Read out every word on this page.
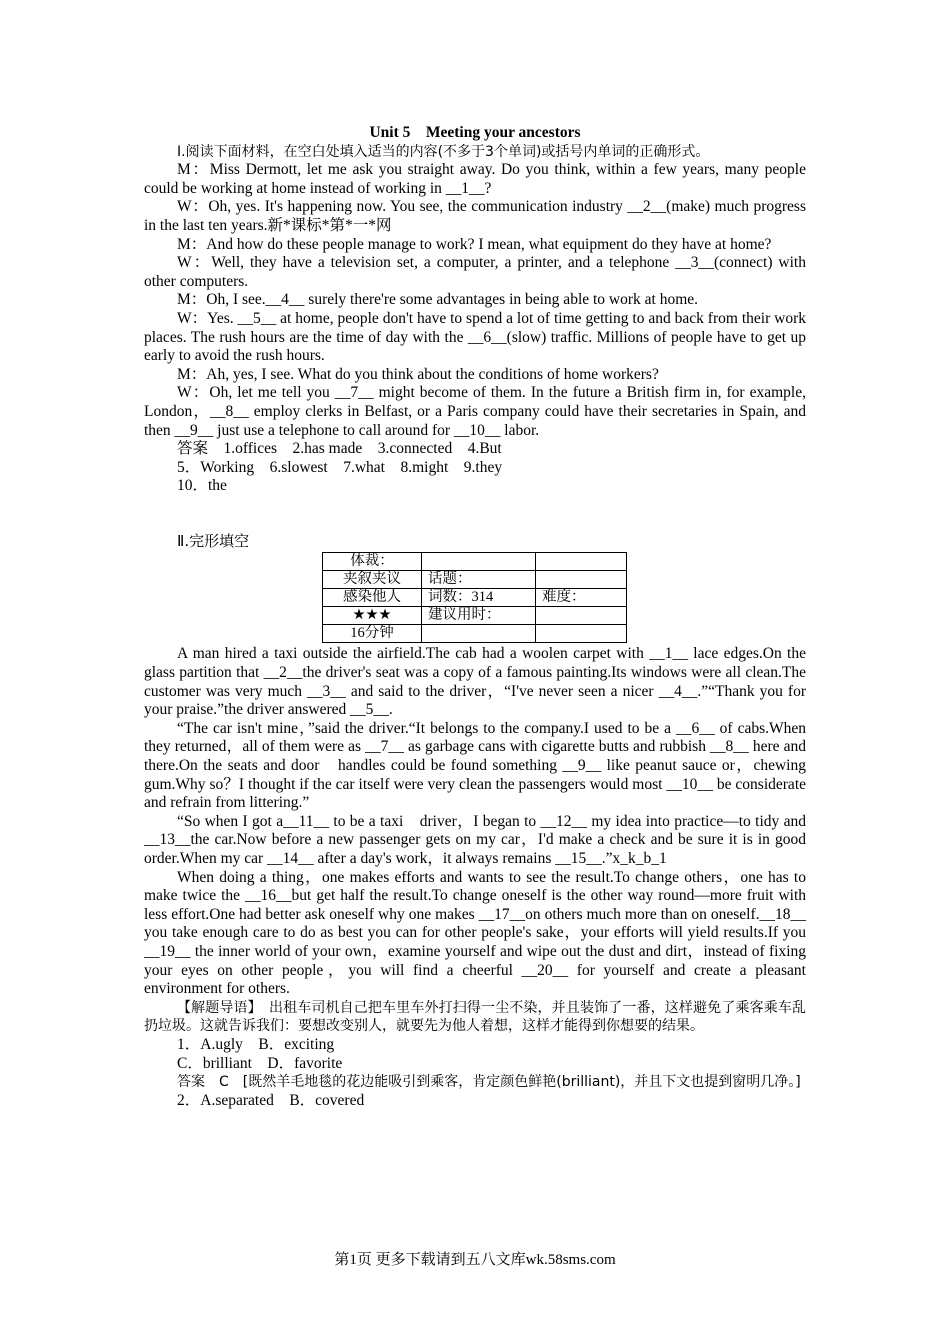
Unit 5　Meeting your ancestors

Ⅰ.阅读下面材料，在空白处填入适当的内容(不多于3个单词)或括号内单词的正确形式。

M：Miss Dermott, let me ask you straight away. Do you think, within a few years, many people could be working at home instead of working in __1__?

W：Oh, yes. It's happening now. You see, the communication industry __2__(make) much progress in the last ten years.新*课标*第*一*网

M：And how do these people manage to work? I mean, what equipment do they have at home?

W：Well, they have a television set, a computer, a printer, and a telephone __3__(connect) with other computers.

M：Oh, I see.__4__ surely there're some advantages in being able to work at home.

W：Yes. __5__ at home, people don't have to spend a lot of time getting to and back from their work places. The rush hours are the time of day with the __6__(slow) traffic. Millions of people have to get up early to avoid the rush hours.

M：Ah, yes, I see. What do you think about the conditions of home workers?

W：Oh, let me tell you __7__ might become of them. In the future a British firm in, for example, London，__8__ employ clerks in Belfast, or a Paris company could have their secretaries in Spain, and then __9__ just use a telephone to call around for __10__ labor.

答案　1.offices　2.has made　3.connected　4.But

5．Working　6.slowest　7.what　8.might　9.they

10．the

Ⅱ.完形填空
体裁：		
夹叙夹议	话题：	
感染他人	词数：314	难度：
★★★	建议用时：	
16分钟		

A man hired a taxi outside the airfield.The cab had a woolen carpet with __1__ lace edges.On the glass partition that __2__the driver's seat was a copy of a famous painting.Its windows were all clean.The customer was very much __3__ and said to the driver，“I've never seen a nicer __4__.”“Thank you for your praise.”the driver answered __5__.

“The car isn't mine，”said the driver.“It belongs to the company.I used to be a __6__ of cabs.When they returned，all of them were as __7__ as garbage cans with cigarette butts and rubbish __8__ here and there.On the seats and door　handles could be found something __9__ like peanut sauce or，chewing gum.Why so？I thought if the car itself were very clean the passengers would most __10__ be considerate and refrain from littering.”

“So when I got a__11__ to be a taxi　driver，I began to __12__ my idea into practice—to tidy and __13__the car.Now before a new passenger gets on my car，I'd make a check and be sure it is in good order.When my car __14__ after a day's work，it always remains __15__.”x_k_b_1

When doing a thing，one makes efforts and wants to see the result.To change others，one has to make twice the __16__but get half the result.To change oneself is the other way round—more fruit with less effort.One had better ask oneself why one makes __17__on others much more than on oneself.__18__ you take enough care to do as best you can for other people's sake，your efforts will yield results.If you __19__ the inner world of your own，examine yourself and wipe out the dust and dirt，instead of fixing your eyes on other people，you will find a cheerful __20__ for yourself and create a pleasant environment for others.

【解题导语】　出租车司机自己把车里车外打扫得一尘不染，并且装饰了一番，这样避免了乘客乘车乱扔垃圾。这就告诉我们：要想改变别人，就要先为他人着想，这样才能得到你想要的结果。

1．A.ugly　B．exciting

C．brilliant　D．favorite

答案　C　[既然羊毛地毯的花边能吸引到乘客，肯定颜色鲜艳(brilliant)，并且下文也提到窗明几净。]

2．A.separated　B．covered

第1页 更多下载请到五八文库wk.58sms.com
